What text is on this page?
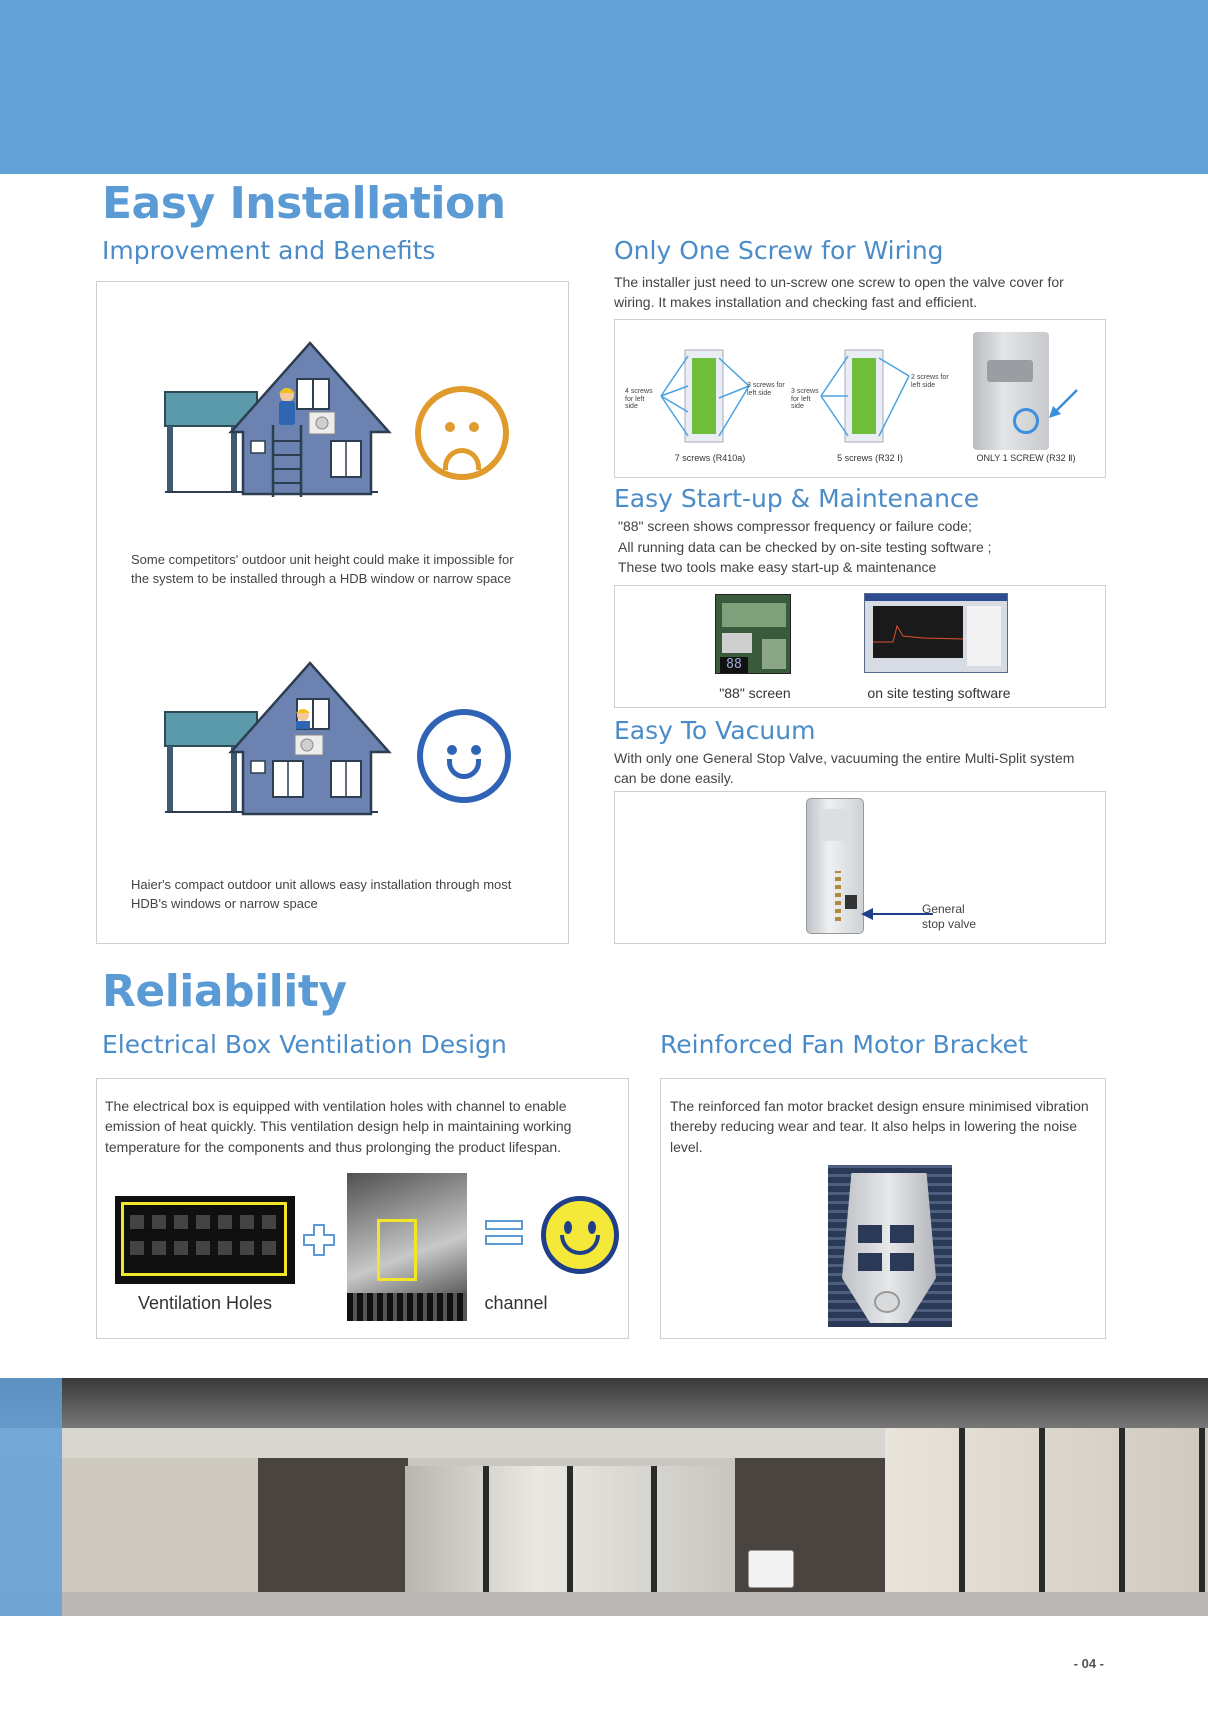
Easy Installation
Improvement and Benefits
Some competitors' outdoor unit height could make it impossible for the system to be installed through a HDB window or narrow space
Haier's compact outdoor unit allows easy installation through most HDB's windows or narrow space
Only One Screw for Wiring
The installer just need to un-screw one screw to open the valve cover for wiring. It makes installation and checking fast and efficient.
4 screws for left side
3 screws for left side
7 screws (R410a)
3 screws for left side
2 screws for left side
5 screws (R32 Ⅰ)	ONLY 1 SCREW (R32 Ⅱ)
Easy Start-up & Maintenance
"88" screen shows compressor frequency or failure code;
All running data can be checked by on-site testing software ;
These two tools make easy start-up & maintenance
88
"88" screen	on site testing software
Easy To Vacuum
With only one General Stop Valve, vacuuming the entire Multi-Split system can be done easily.
General
stop valve
Reliability
Electrical Box Ventilation Design	Reinforced Fan Motor Bracket
The electrical box is equipped with ventilation holes with channel to enable emission of heat quickly. This ventilation design help in maintaining working temperature for the components and thus prolonging the product lifespan.
Ventilation Holes	channel
The reinforced fan motor bracket design ensure minimised vibration thereby reducing wear and tear. It also helps in lowering the noise level.
- 04 -
